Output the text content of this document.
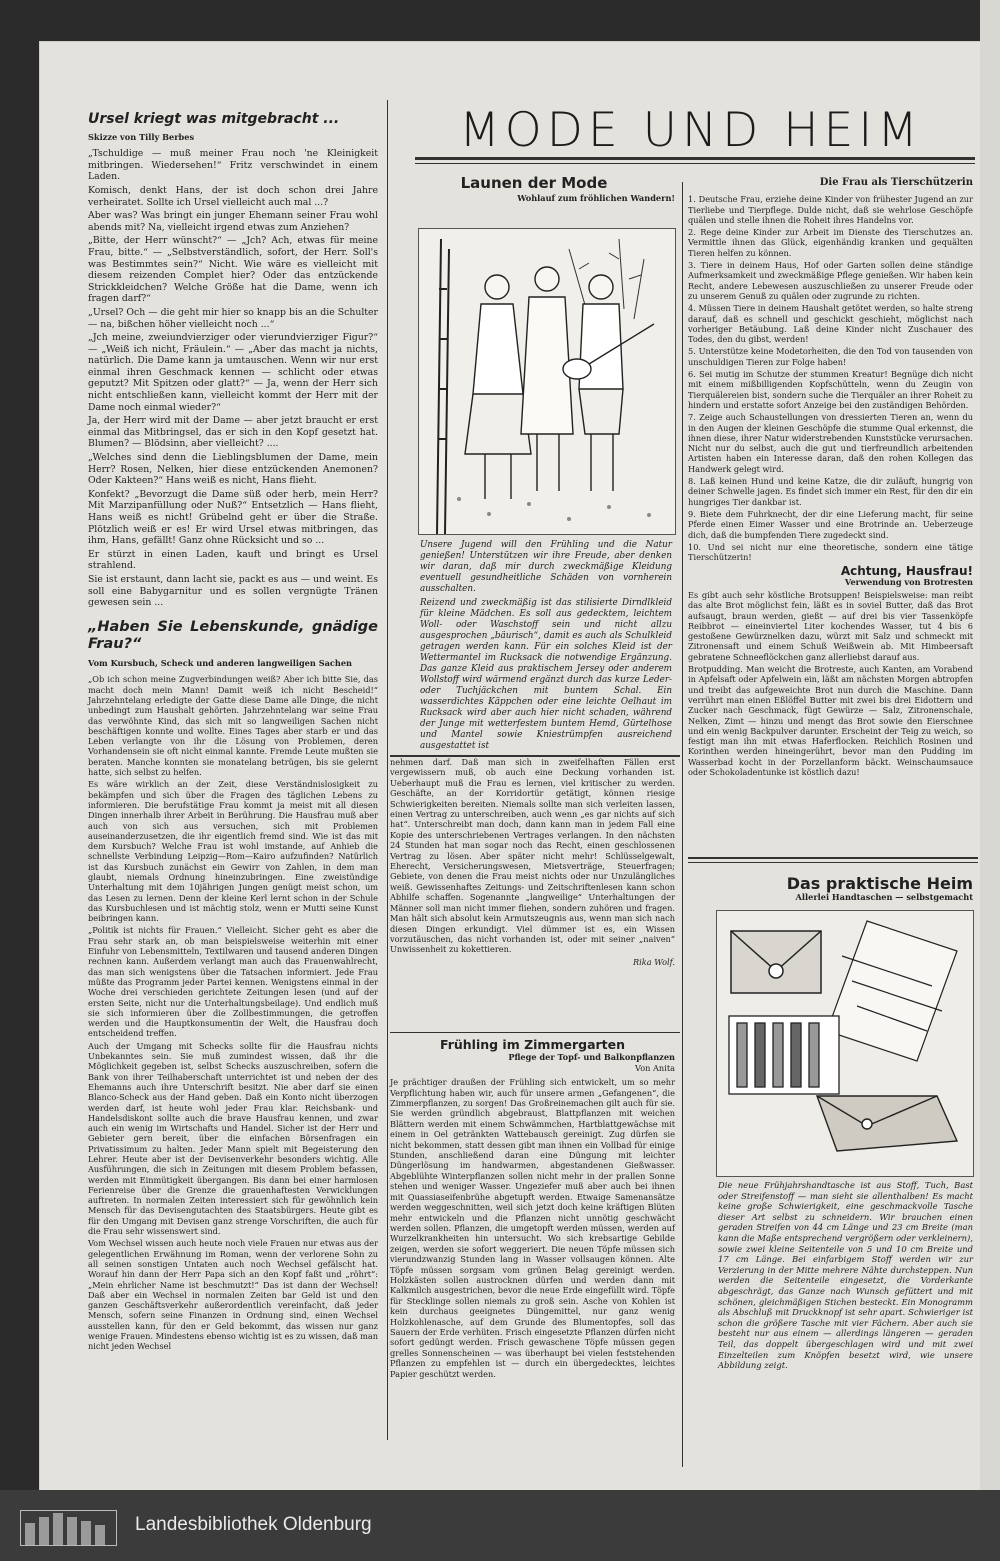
MODE UND HEIM
Ursel kriegt was mitgebracht ...
Skizze von Tilly Berbes

„Tschuldige — muß meiner Frau noch 'ne Kleinigkeit mitbringen. Wiedersehen!“ Fritz verschwindet in einem Laden.

Komisch, denkt Hans, der ist doch schon drei Jahre verheiratet. Sollte ich Ursel vielleicht auch mal ...?

Aber was? Was bringt ein junger Ehemann seiner Frau wohl abends mit? Na, vielleicht irgend etwas zum Anziehen?

„Bitte, der Herr wünscht?“ — „Jch? Ach, etwas für meine Frau, bitte.“ — „Selbstverständlich, sofort, der Herr. Soll's was Bestimmtes sein?“ Nicht. Wie wäre es vielleicht mit diesem reizenden Complet hier? Oder das entzückende Strickkleidchen? Welche Größe hat die Dame, wenn ich fragen darf?“

„Ursel? Och — die geht mir hier so knapp bis an die Schulter — na, bißchen höher vielleicht noch ...“

„Jch meine, zweiundvierziger oder vierundvierziger Figur?“ — „Weiß ich nicht, Fräulein.“ — „Aber das macht ja nichts, natürlich. Die Dame kann ja umtauschen. Wenn wir nur erst einmal ihren Geschmack kennen — schlicht oder etwas geputzt? Mit Spitzen oder glatt?“ — Ja, wenn der Herr sich nicht entschließen kann, vielleicht kommt der Herr mit der Dame noch einmal wieder?“

Ja, der Herr wird mit der Dame — aber jetzt braucht er erst einmal das Mitbringsel, das er sich in den Kopf gesetzt hat. Blumen? — Blödsinn, aber vielleicht? ....

„Welches sind denn die Lieblingsblumen der Dame, mein Herr? Rosen, Nelken, hier diese entzückenden Anemonen? Oder Kakteen?“ Hans weiß es nicht, Hans flieht.

Konfekt? „Bevorzugt die Dame süß oder herb, mein Herr? Mit Marzipanfüllung oder Nuß?“ Entsetzlich — Hans flieht, Hans weiß es nicht! Grübelnd geht er über die Straße. Plötzlich weiß er es! Er wird Ursel etwas mitbringen, das ihm, Hans, gefällt! Ganz ohne Rücksicht und so ...

Er stürzt in einen Laden, kauft und bringt es Ursel strahlend.

Sie ist erstaunt, dann lacht sie, packt es aus — und weint. Es soll eine Babygarnitur und es sollen vergnügte Tränen gewesen sein ...

„Haben Sie Lebenskunde, gnädige Frau?“
Vom Kursbuch, Scheck und anderen langweiligen Sachen

„Ob ich schon meine Zugverbindungen weiß? Aber ich bitte Sie, das macht doch mein Mann! Damit weiß ich nicht Bescheid!“ Jahrzehntelang erledigte der Gatte diese Dame alle Dinge, die nicht unbedingt zum Haushalt gehörten. Jahrzehntelang war seine Frau das verwöhnte Kind, das sich mit so langweiligen Sachen nicht beschäftigen konnte und wollte. Eines Tages aber starb er und das Leben verlangte von ihr die Lösung von Problemen, deren Vorhandensein sie oft nicht einmal kannte. Fremde Leute mußten sie beraten. Manche konnten sie monatelang betrügen, bis sie gelernt hatte, sich selbst zu helfen.

Es wäre wirklich an der Zeit, diese Verständnislosigkeit zu bekämpfen und sich über die Fragen des täglichen Lebens zu informieren. Die berufstätige Frau kommt ja meist mit all diesen Dingen innerhalb ihrer Arbeit in Berührung. Die Hausfrau muß aber auch von sich aus versuchen, sich mit Problemen auseinanderzusetzen, die ihr eigentlich fremd sind. Wie ist das mit dem Kursbuch? Welche Frau ist wohl imstande, auf Anhieb die schnellste Verbindung Leipzig—Rom—Kairo aufzufinden? Natürlich ist das Kursbuch zunächst ein Gewirr von Zahlen, in dem man glaubt, niemals Ordnung hineinzubringen. Eine zweistündige Unterhaltung mit dem 10jährigen Jungen genügt meist schon, um das Lesen zu lernen. Denn der kleine Kerl lernt schon in der Schule das Kursbuchlesen und ist mächtig stolz, wenn er Mutti seine Kunst beibringen kann.

„Politik ist nichts für Frauen.“ Vielleicht. Sicher geht es aber die Frau sehr stark an, ob man beispielsweise weiterhin mit einer Einfuhr von Lebensmitteln, Textilwaren und tausend anderen Dingen rechnen kann. Außerdem verlangt man auch das Frauenwahlrecht, das man sich wenigstens über die Tatsachen informiert. Jede Frau müßte das Programm jeder Partei kennen. Wenigstens einmal in der Woche drei verschieden gerichtete Zeitungen lesen (und auf der ersten Seite, nicht nur die Unterhaltungsbeilage). Und endlich muß sie sich informieren über die Zollbestimmungen, die getroffen werden und die Hauptkonsumentin der Welt, die Hausfrau doch entscheidend treffen.

Auch der Umgang mit Schecks sollte für die Hausfrau nichts Unbekanntes sein. Sie muß zumindest wissen, daß ihr die Möglichkeit gegeben ist, selbst Schecks auszuschreiben, sofern die Bank von ihrer Teilhaberschaft unterrichtet ist und neben der des Ehemanns auch ihre Unterschrift besitzt. Nie aber darf sie einen Blanco-Scheck aus der Hand geben. Daß ein Konto nicht überzogen werden darf, ist heute wohl jeder Frau klar. Reichsbank- und Handelsdiskont sollte auch die brave Hausfrau kennen, und zwar auch ein wenig im Wirtschafts und Handel. Sicher ist der Herr und Gebieter gern bereit, über die einfachen Börsenfragen ein Privatissimum zu halten. Jeder Mann spielt mit Begeisterung den Lehrer. Heute aber ist der Devisenverkehr besonders wichtig. Alle Ausführungen, die sich in Zeitungen mit diesem Problem befassen, werden mit Einmütigkeit übergangen. Bis dann bei einer harmlosen Ferienreise über die Grenze die grauenhaftesten Verwicklungen auftreten. In normalen Zeiten interessiert sich für gewöhnlich kein Mensch für das Devisengutachten des Staatsbürgers. Heute gibt es für den Umgang mit Devisen ganz strenge Vorschriften, die auch für die Frau sehr wissenswert sind.

Vom Wechsel wissen auch heute noch viele Frauen nur etwas aus der gelegentlichen Erwähnung im Roman, wenn der verlorene Sohn zu all seinen sonstigen Untaten auch noch Wechsel gefälscht hat. Worauf hin dann der Herr Papa sich an den Kopf faßt und „röhrt“: „Mein ehrlicher Name ist beschmutzt!“ Das ist dann der Wechsel! Daß aber ein Wechsel in normalen Zeiten bar Geld ist und den ganzen Geschäftsverkehr außerordentlich vereinfacht, daß jeder Mensch, sofern seine Finanzen in Ordnung sind, einen Wechsel ausstellen kann, für den er Geld bekommt, das wissen nur ganz wenige Frauen. Mindestens ebenso wichtig ist es zu wissen, daß man nicht jeden Wechsel

Launen der Mode
Wohlauf zum fröhlichen Wandern!
Unsere Jugend will den Frühling und die Natur genießen! Unterstützen wir ihre Freude, aber denken wir daran, daß mir durch zweckmäßige Kleidung eventuell gesundheitliche Schäden von vornherein ausschalten.
Reizend und zweckmäßig ist das stilisierte Dirndlkleid für kleine Mädchen. Es soll aus gedecktem, leichtem Woll- oder Waschstoff sein und nicht allzu ausgesprochen „bäurisch“, damit es auch als Schulkleid getragen werden kann. Für ein solches Kleid ist der Wettermantel im Rucksack die notwendige Ergänzung. Das ganze Kleid aus praktischem Jersey oder anderem Wollstoff wird wärmend ergänzt durch das kurze Leder- oder Tuchjäckchen mit buntem Schal. Ein wasserdichtes Käppchen oder eine leichte Oelhaut im Rucksack wird aber auch hier nicht schaden, während der Junge mit wetterfestem buntem Hemd, Gürtelhose und Mantel sowie Kniestrümpfen ausreichend ausgestattet ist

nehmen darf. Daß man sich in zweifelhaften Fällen erst vergewissern muß, ob auch eine Deckung vorhanden ist. Ueberhaupt muß die Frau es lernen, viel kritischer zu werden. Geschäfte, an der Korridortür getätigt, können riesige Schwierigkeiten bereiten. Niemals sollte man sich verleiten lassen, einen Vertrag zu unterschreiben, auch wenn „es gar nichts auf sich hat“. Unterschreibt man doch, dann kann man in jedem Fall eine Kopie des unterschriebenen Vertrages verlangen. In den nächsten 24 Stunden hat man sogar noch das Recht, einen geschlossenen Vertrag zu lösen. Aber später nicht mehr! Schlüsselgewalt, Eherecht, Versicherungswesen, Mietsverträge, Steuerfragen; Gebiete, von denen die Frau meist nichts oder nur Unzulängliches weiß. Gewissenhaftes Zeitungs- und Zeitschriftenlesen kann schon Abhilfe schaffen. Sogenannte „langweilige“ Unterhaltungen der Männer soll man nicht immer fliehen, sondern zuhören und fragen. Man hält sich absolut kein Armutszeugnis aus, wenn man sich nach diesen Dingen erkundigt. Viel dümmer ist es, ein Wissen vorzutäuschen, das nicht vorhanden ist, oder mit seiner „naiven“ Unwissenheit zu kokettieren.

Rika Wolf.
Frühling im Zimmergarten
Pflege der Topf- und Balkonpflanzen
Von Anita

Je prächtiger draußen der Frühling sich entwickelt, um so mehr Verpflichtung haben wir, auch für unsere armen „Gefangenen“, die Zimmerpflanzen, zu sorgen! Das Großreinemachen gilt auch für sie. Sie werden gründlich abgebraust, Blattpflanzen mit weichen Blättern werden mit einem Schwämmchen, Hartblattgewächse mit einem in Oel getränkten Wattebausch gereinigt. Zug dürfen sie nicht bekommen, statt dessen gibt man ihnen ein Vollbad für einige Stunden, anschließend daran eine Düngung mit leichter Düngerlösung im handwarmen, abgestandenen Gießwasser. Abgeblühte Winterpflanzen sollen nicht mehr in der prallen Sonne stehen und weniger Wasser. Ungeziefer muß aber auch bei ihnen mit Quassiaseifenbrühe abgetupft werden. Etwaige Samenansätze werden weggeschnitten, weil sich jetzt doch keine kräftigen Blüten mehr entwickeln und die Pflanzen nicht unnötig geschwächt werden sollen. Pflanzen, die umgetopft werden müssen, werden auf Wurzelkrankheiten hin untersucht. Wo sich krebsartige Gebilde zeigen, werden sie sofort weggeriert. Die neuen Töpfe müssen sich vierundzwanzig Stunden lang in Wasser vollsaugen können. Alte Töpfe müssen sorgsam vom grünen Belag gereinigt werden. Holzkästen sollen austrocknen dürfen und werden dann mit Kalkmilch ausgestrichen, bevor die neue Erde eingefüllt wird. Töpfe für Stecklinge sollen niemals zu groß sein. Asche von Kohlen ist kein durchaus geeignetes Düngemittel, nur ganz wenig Holzkohlenasche, auf dem Grunde des Blumentopfes, soll das Sauern der Erde verhüten. Frisch eingesetzte Pflanzen dürfen nicht sofort gedüngt werden. Frisch gewaschene Töpfe müssen gegen grelles Sonnenscheinen — was überhaupt bei vielen feststehenden Pflanzen zu empfehlen ist — durch ein übergedecktes, leichtes Papier geschützt werden.

Die Frau als Tierschützerin

1. Deutsche Frau, erziehe deine Kinder von frühester Jugend an zur Tierliebe und Tierpflege. Dulde nicht, daß sie wehrlose Geschöpfe quälen und stelle ihnen die Roheit ihres Handelns vor.

2. Rege deine Kinder zur Arbeit im Dienste des Tierschutzes an. Vermittle ihnen das Glück, eigenhändig kranken und gequälten Tieren helfen zu können.

3. Tiere in deinem Haus, Hof oder Garten sollen deine ständige Aufmerksamkeit und zweckmäßige Pflege genießen. Wir haben kein Recht, andere Lebewesen auszuschließen zu unserer Freude oder zu unserem Genuß zu quälen oder zugrunde zu richten.

4. Müssen Tiere in deinem Haushalt getötet werden, so halte streng darauf, daß es schnell und geschickt geschieht, möglichst nach vorheriger Betäubung. Laß deine Kinder nicht Zuschauer des Todes, den du gibst, werden!

5. Unterstütze keine Modetorheiten, die den Tod von tausenden von unschuldigen Tieren zur Folge haben!

6. Sei mutig im Schutze der stummen Kreatur! Begnüge dich nicht mit einem mißbilligenden Kopfschütteln, wenn du Zeugin von Tierquälereien bist, sondern suche die Tierquäler an ihrer Roheit zu hindern und erstatte sofort Anzeige bei den zuständigen Behörden.

7. Zeige auch Schaustellungen von dressierten Tieren an, wenn du in den Augen der kleinen Geschöpfe die stumme Qual erkennst, die ihnen diese, ihrer Natur widerstrebenden Kunststücke verursachen. Nicht nur du selbst, auch die gut und tierfreundlich arbeitenden Artisten haben ein Interesse daran, daß den rohen Kollegen das Handwerk gelegt wird.

8. Laß keinen Hund und keine Katze, die dir zuläuft, hungrig von deiner Schwelle jagen. Es findet sich immer ein Rest, für den dir ein hungriges Tier dankbar ist.

9. Biete dem Fuhrknecht, der dir eine Lieferung macht, für seine Pferde einen Eimer Wasser und eine Brotrinde an. Ueberzeuge dich, daß die bumpfenden Tiere zugedeckt sind.

10. Und sei nicht nur eine theoretische, sondern eine tätige Tierschützerin!

Achtung, Hausfrau!
Verwendung von Brotresten

Es gibt auch sehr köstliche Brotsuppen! Beispielsweise: man reibt das alte Brot möglichst fein, läßt es in soviel Butter, daß das Brot aufsaugt, braun werden, gießt — auf drei bis vier Tassenköpfe Reibbrot — eineinviertel Liter kochendes Wasser, tut 4 bis 6 gestoßene Gewürznelken dazu, würzt mit Salz und schmeckt mit Zitronensaft und einem Schuß Weißwein ab. Mit Himbeersaft gebratene Schneeflöckchen ganz allerliebst darauf aus.

Brotpudding. Man weicht die Brotreste, auch Kanten, am Vorabend in Apfelsaft oder Apfelwein ein, läßt am nächsten Morgen abtropfen und treibt das aufgeweichte Brot nun durch die Maschine. Dann verrührt man einen Eßlöffel Butter mit zwei bis drei Eidottern und Zucker nach Geschmack, fügt Gewürze — Salz, Zitronenschale, Nelken, Zimt — hinzu und mengt das Brot sowie den Eierschnee und ein wenig Backpulver darunter. Erscheint der Teig zu weich, so festigt man ihn mit etwas Haferflocken. Reichlich Rosinen und Korinthen werden hineingerührt, bevor man den Pudding im Wasserbad kocht in der Porzellanform bäckt. Weinschaumsauce oder Schokoladentunke ist köstlich dazu!

Das praktische Heim
Allerlei Handtaschen — selbstgemacht
Die neue Frühjahrshandtasche ist aus Stoff, Tuch, Bast oder Streifenstoff — man sieht sie allenthalben! Es macht keine große Schwierigkeit, eine geschmackvolle Tasche dieser Art selbst zu schneidern. Wir brauchen einen geraden Streifen von 44 cm Länge und 23 cm Breite (man kann die Maße entsprechend vergrößern oder verkleinern), sowie zwei kleine Seitenteile von 5 und 10 cm Breite und 17 cm Länge. Bei einfarbigem Stoff werden wir zur Verzierung in der Mitte mehrere Nähte durchsteppen. Nun werden die Seitenteile eingesetzt, die Vorderkante abgeschrägt, das Ganze nach Wunsch gefüttert und mit schönen, gleichmäßigen Stichen besteckt. Ein Monogramm als Abschluß mit Druckknopf ist sehr apart. Schwieriger ist schon die größere Tasche mit vier Fächern. Aber auch sie besteht nur aus einem — allerdings längeren — geraden Teil, das doppelt übergeschlagen wird und mit zwei Einzelteilen zum Knöpfen besetzt wird, wie unsere Abbildung zeigt.
Landesbibliothek Oldenburg
